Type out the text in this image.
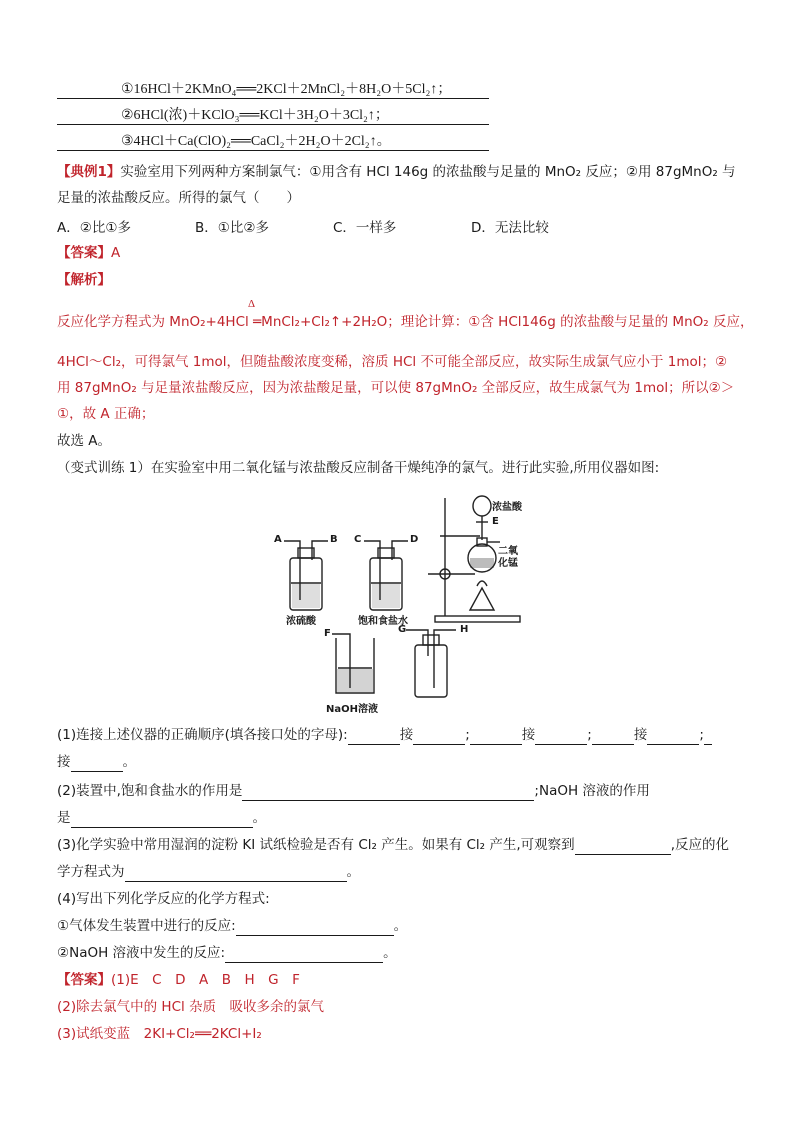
①16HCl＋2KMnO₄══2KCl＋2MnCl₂＋8H₂O＋5Cl₂↑；
②6HCl(浓)＋KClO₃══KCl＋3H₂O＋3Cl₂↑；
③4HCl＋Ca(ClO)₂══CaCl₂＋2H₂O＋2Cl₂↑。
【典例1】实验室用下列两种方案制氯气：①用含有 HCl 146g 的浓盐酸与足量的 MnO₂ 反应；②用 87gMnO₂ 与
足量的浓盐酸反应。所得的氯气（　　）
A．②比①多	B．①比②多	C．一样多	D．无法比较
【答案】A
【解析】
Δ
反应化学方程式为 MnO₂+4HCl ═MnCl₂+Cl₂↑+2H₂O；理论计算：①含 HCl146g 的浓盐酸与足量的 MnO₂ 反应，
4HCl～Cl₂，可得氯气 1mol，但随盐酸浓度变稀，溶质 HCl 不可能全部反应，故实际生成氯气应小于 1mol；②
用 87gMnO₂ 与足量浓盐酸反应，因为浓盐酸足量，可以使 87gMnO₂ 全部反应，故生成氯气为 1mol；所以②＞
①，故 A 正确；
故选 A。
（变式训练 1）在实验室中用二氧化锰与浓盐酸反应制备干燥纯净的氯气。进行此实验,所用仪器如图:
A	B C	D
E
F	G	H
浓硫酸	饱和食盐水
浓盐酸
二氧化锰
NaOH溶液
(1)连接上述仪器的正确顺序(填各接口处的字母):	接	;	接	;	接	;
接	。
(2)装置中,饱和食盐水的作用是	;NaOH 溶液的作用
是	。
(3)化学实验中常用湿润的淀粉 KI 试纸检验是否有 Cl₂ 产生。如果有 Cl₂ 产生,可观察到	,反应的化
学方程式为	。
(4)写出下列化学反应的化学方程式:
①气体发生装置中进行的反应:	。
②NaOH 溶液中发生的反应:	。
【答案】(1)E　C　D　A　B　H　G　F
(2)除去氯气中的 HCl 杂质　吸收多余的氯气
(3)试纸变蓝　2KI+Cl₂══2KCl+I₂
